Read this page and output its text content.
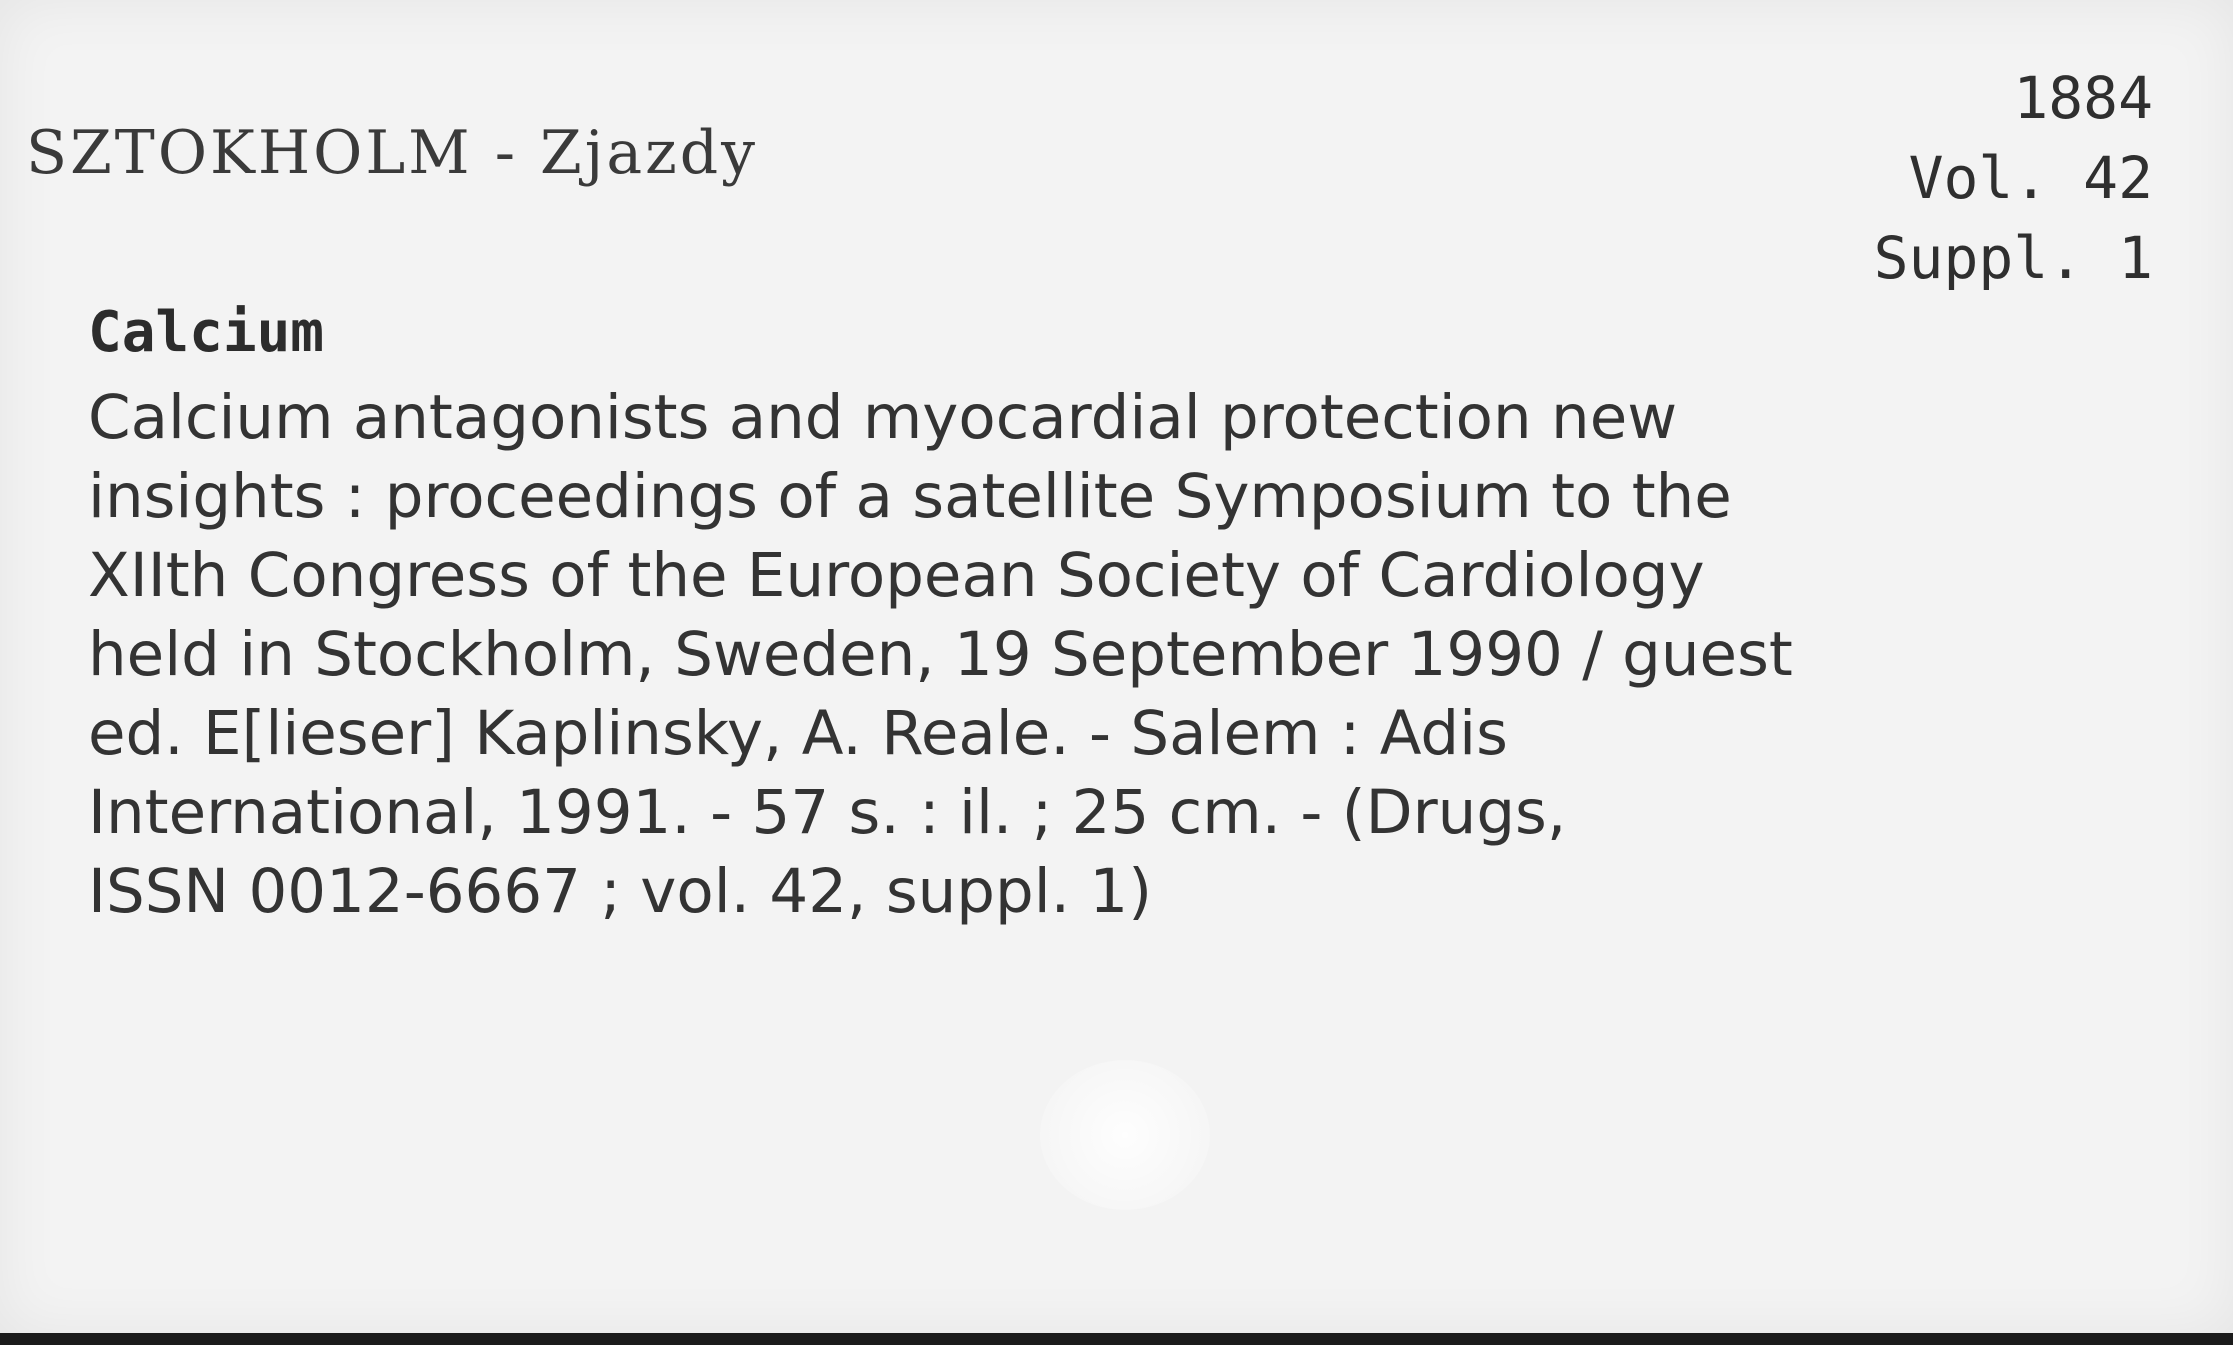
SZTOKHOLM - Zjazdy
1884
Vol. 42
Suppl. 1
Calcium
Calcium antagonists and myocardial protection new
insights : proceedings of a satellite Symposium to the
XIIth Congress of the European Society of Cardiology
held in Stockholm, Sweden, 19 September 1990 / guest
ed. E[lieser] Kaplinsky, A. Reale. - Salem : Adis
International, 1991. - 57 s. : il. ; 25 cm. - (Drugs,
ISSN 0012-6667 ; vol. 42, suppl. 1)
